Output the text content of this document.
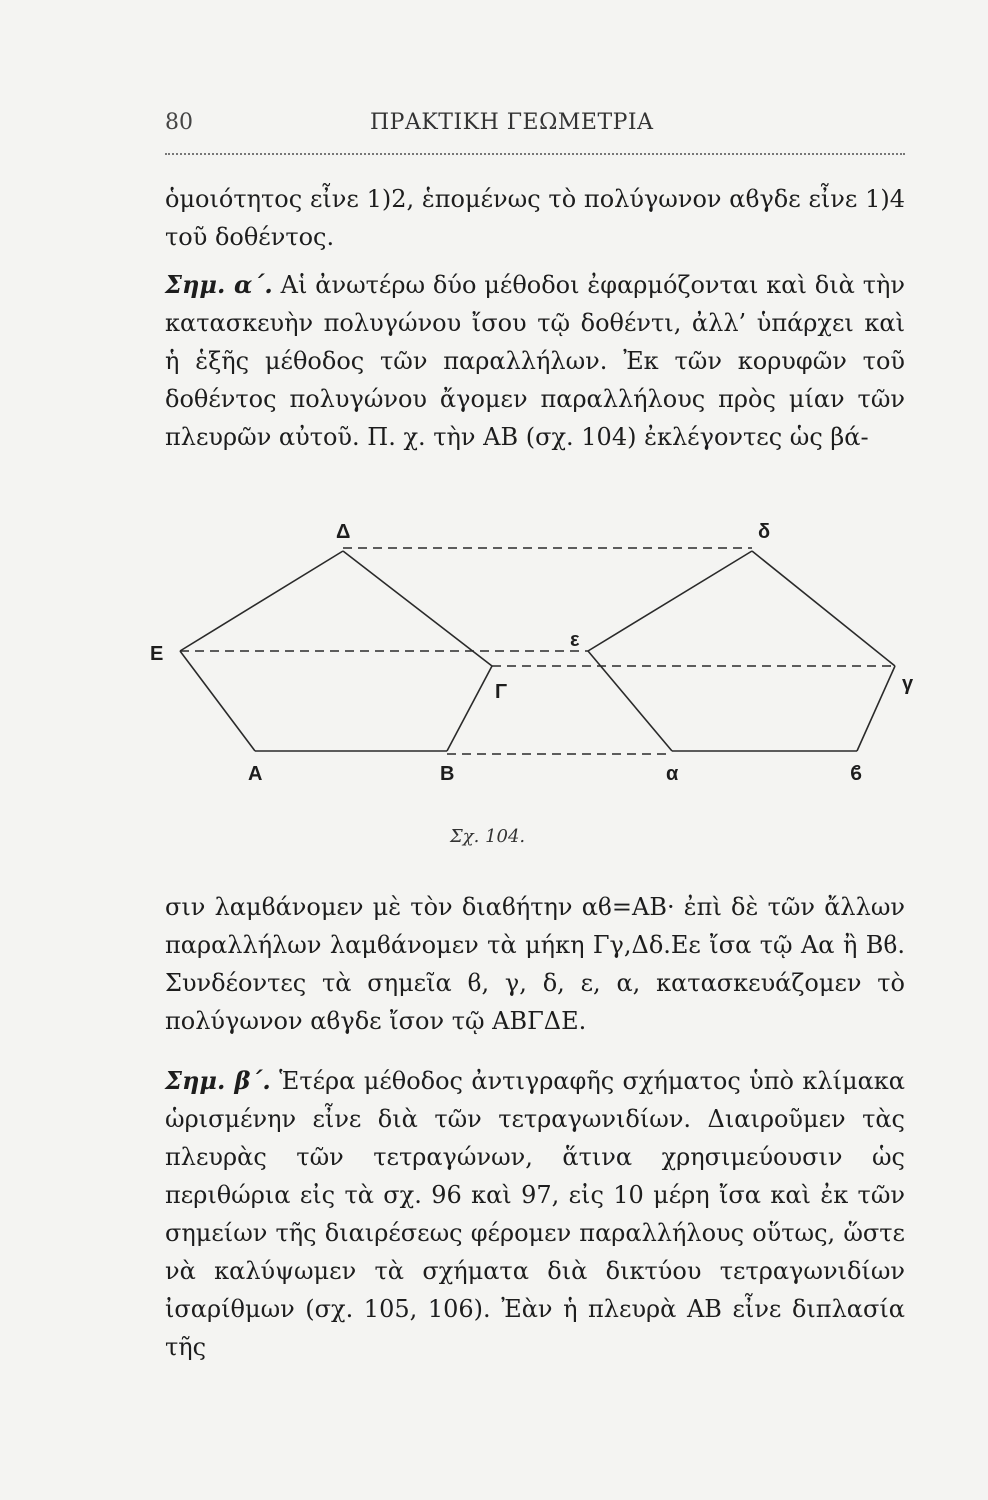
80	ΠΡΑΚΤΙΚΗ ΓΕΩΜΕΤΡΙΑ

ὁμοιότητος εἶνε 1)2, ἑπομένως τὸ πολύγωνον αϐγδε εἶνε 1)4 τοῦ δοθέντος.

Σημ. α΄. Αἱ ἀνωτέρω δύο μέθοδοι ἐφαρμόζονται καὶ διὰ τὴν κατασκευὴν πολυγώνου ἴσου τῷ δοθέντι, ἀλλ’ ὑπάρχει καὶ ἡ ἑξῆς μέθοδος τῶν παραλλήλων. Ἐκ τῶν κορυφῶν τοῦ δοθέντος πολυγώνου ἄγομεν παραλλήλους πρὸς μίαν τῶν πλευρῶν αὐτοῦ. Π. χ. τὴν ΑΒ (σχ. 104) ἐκλέγοντες ὡς βά-

Δ
Ε
Α	Β
Γ
δ
ε
α	ϐ
γ
Σχ. 104.

σιν λαμϐάνομεν μὲ τὸν διαϐήτην αϐ=ΑΒ· ἐπὶ δὲ τῶν ἄλλων παραλλήλων λαμϐάνομεν τὰ μήκη Γγ,Δδ.Εε ἴσα τῷ Αα ἢ Βϐ. Συνδέοντες τὰ σημεῖα ϐ, γ, δ, ε, α, κατασκευάζομεν τὸ πολύγωνον αϐγδε ἴσον τῷ ΑΒΓΔΕ.

Σημ. β΄. Ἑτέρα μέθοδος ἀντιγραφῆς σχήματος ὑπὸ κλίμακα ὡρισμένην εἶνε διὰ τῶν τετραγωνιδίων. Διαιροῦμεν τὰς πλευρὰς τῶν τετραγώνων, ἅτινα χρησιμεύουσιν ὡς περιθώρια εἰς τὰ σχ. 96 καὶ 97, εἰς 10 μέρη ἴσα καὶ ἐκ τῶν σημείων τῆς διαιρέσεως φέρομεν παραλλήλους οὕτως, ὥστε νὰ καλύψωμεν τὰ σχήματα διὰ δικτύου τετραγωνιδίων ἰσαρίθμων (σχ. 105, 106). Ἐὰν ἡ πλευρὰ ΑΒ εἶνε διπλασία τῆς
